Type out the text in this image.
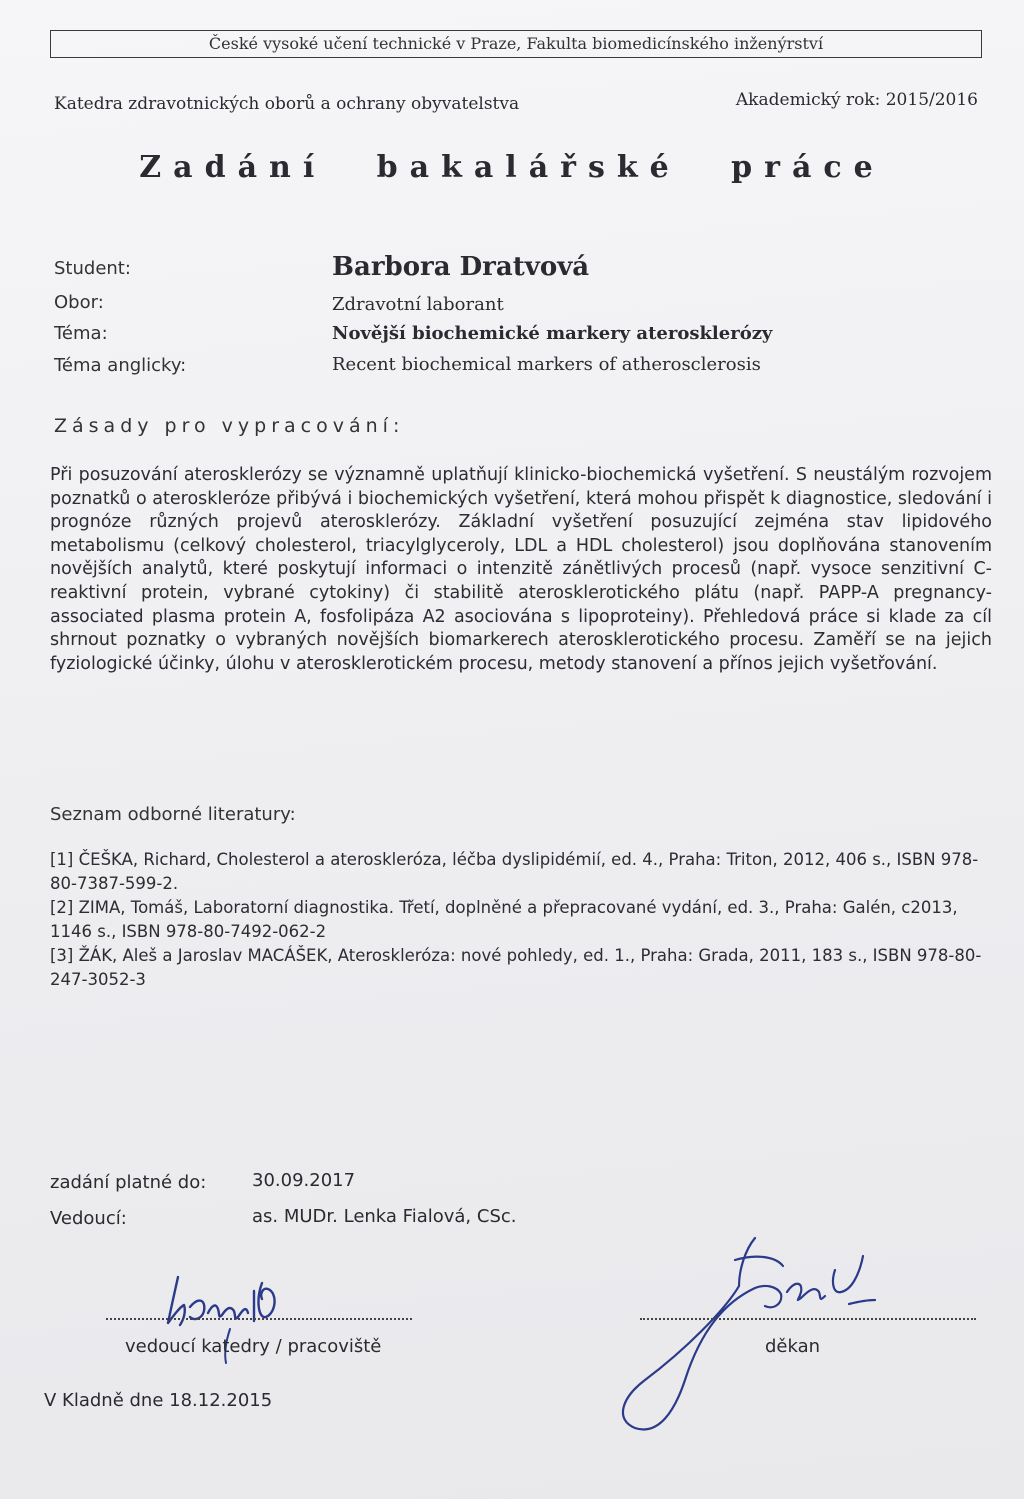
České vysoké učení technické v Praze, Fakulta biomedicínského inženýrství
Katedra zdravotnických oborů a ochrany obyvatelstva	Akademický rok: 2015/2016
Zadání bakalářské práce
Student:	Barbora Dratvová
Obor:	Zdravotní laborant
Téma:	Novější biochemické markery aterosklerózy
Téma anglicky:	Recent biochemical markers of atherosclerosis
Zásady pro vypracování:
Při posuzování aterosklerózy se významně uplatňují klinicko-biochemická vyšetření. S neustálým rozvojem poznatků o ateroskleróze přibývá i biochemických vyšetření, která mohou přispět k diagnostice, sledování i prognóze různých projevů aterosklerózy. Základní vyšetření posuzující zejména stav lipidového metabolismu (celkový cholesterol, triacylglyceroly, LDL a HDL cholesterol) jsou doplňována stanovením novějších analytů, které poskytují informaci o intenzitě zánětlivých procesů (např. vysoce senzitivní C-reaktivní protein, vybrané cytokiny) či stabilitě aterosklerotického plátu (např. PAPP-A pregnancy-associated plasma protein A, fosfolipáza A2 asociována s lipoproteiny). Přehledová práce si klade za cíl shrnout poznatky o vybraných novějších biomarkerech aterosklerotického procesu. Zaměří se na jejich fyziologické účinky, úlohu v aterosklerotickém procesu, metody stanovení a přínos jejich vyšetřování.
Seznam odborné literatury:

[1] ČEŠKA, Richard, Cholesterol a ateroskleróza, léčba dyslipidémií, ed. 4., Praha: Triton, 2012, 406 s., ISBN 978-80-7387-599-2.

[2] ZIMA, Tomáš, Laboratorní diagnostika. Třetí, doplněné a přepracované vydání, ed. 3., Praha: Galén, c2013, 1146 s., ISBN 978-80-7492-062-2

[3] ŽÁK, Aleš a Jaroslav MACÁŠEK, Ateroskleróza: nové pohledy, ed. 1., Praha: Grada, 2011, 183 s., ISBN 978-80-247-3052-3

zadání platné do:	30.09.2017
Vedoucí:	as. MUDr. Lenka Fialová, CSc.
vedoucí katedry / pracoviště	děkan
V Kladně dne 18.12.2015
